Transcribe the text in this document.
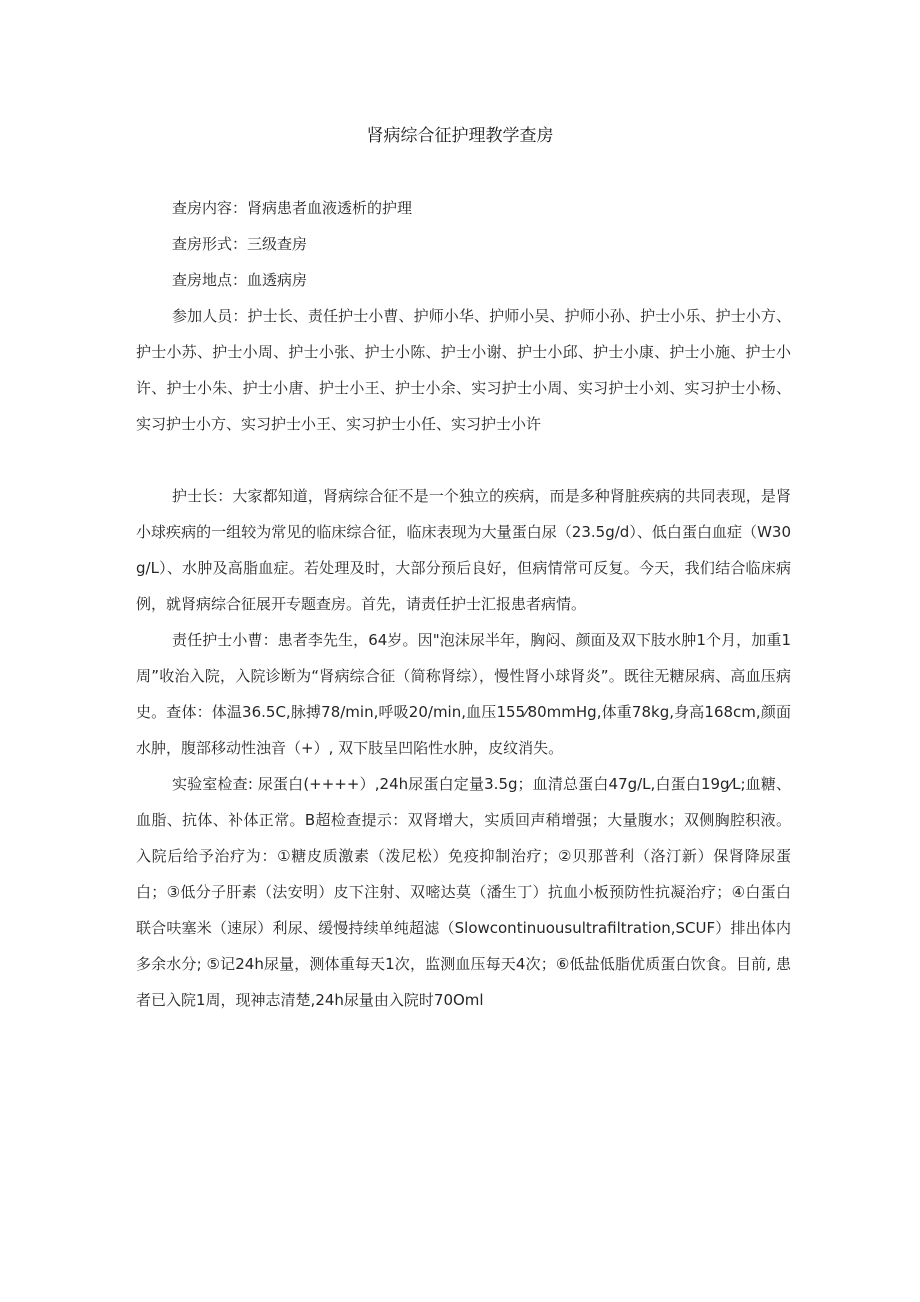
肾病综合征护理教学查房

查房内容：肾病患者血液透析的护理

查房形式：三级查房

查房地点：血透病房

参加人员：护士长、责任护士小曹、护师小华、护师小吴、护师小孙、护士小乐、护士小方、护士小苏、护士小周、护士小张、护士小陈、护士小谢、护士小邱、护士小康、护士小施、护士小许、护士小朱、护士小唐、护士小王、护士小余、实习护士小周、实习护士小刘、实习护士小杨、实习护士小方、实习护士小王、实习护士小任、实习护士小许

护士长：大家都知道，肾病综合征不是一个独立的疾病，而是多种肾脏疾病的共同表现，是肾小球疾病的一组较为常见的临床综合征，临床表现为大量蛋白尿（23.5g/d）、低白蛋白血症（W30g/L）、水肿及高脂血症。若处理及时，大部分预后良好，但病情常可反复。今天，我们结合临床病例，就肾病综合征展开专题查房。首先，请责任护士汇报患者病情。

责任护士小曹：患者李先生，64岁。因"泡沫尿半年，胸闷、颜面及双下肢水肿1个月，加重1周”收治入院，入院诊断为“肾病综合征（简称肾综），慢性肾小球肾炎”。既往无糖尿病、高血压病史。查体：体温36.5C,脉搏78/min,呼吸20/min,血压155⁄80mmHg,体重78kg,身高168cm,颜面水肿，腹部移动性浊音（+）, 双下肢呈凹陷性水肿，皮纹消失。

实验室检查: 尿蛋白(++++）,24h尿蛋白定量3.5g；血清总蛋白47g/L,白蛋白19g⁄L;血糖、血脂、抗体、补体正常。B超检查提示：双肾增大，实质回声稍增强；大量腹水；双侧胸腔积液。入院后给予治疗为：①糖皮质激素（泼尼松）免疫抑制治疗；②贝那普利（洛汀新）保肾降尿蛋白；③低分子肝素（法安明）皮下注射、双嘧达莫（潘生丁）抗血小板预防性抗凝治疗；④白蛋白联合呋塞米（速尿）利尿、缓慢持续单纯超滤（Slowcontinuousultrafiltration,SCUF）排出体内多余水分; ⑤记24h尿量，测体重每天1次，监测血压每天4次；⑥低盐低脂优质蛋白饮食。目前, 患者已入院1周，现神志清楚,24h尿量由入院时70Oml
